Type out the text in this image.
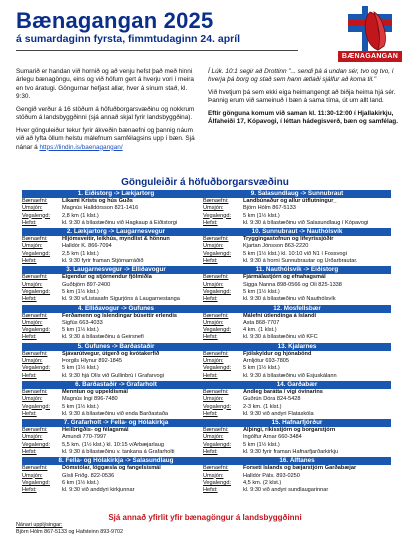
Bænagangan 2025
á sumardaginn fyrsta, fimmtudaginn 24. apríl
BÆNAGANGAN

Sumarið er handan við hornið og að venju hefst það með hinni árlegu bænagöngu, eins og við höfum gert á hverju vori í meira en tvo áratugi. Göngurnar hefjast allar, hver á sínum stað, kl. 9:30.

Gengið verður á 16 stöðum á höfuðborgarsvæðinu og nokkrum stöðum á landsbyggðinni (sjá annað skjal fyrir landsbyggðina).

Hver gönguleiður tekur fyrir ákveðin bænaefni og þannig náum við að lyfta öllum helstu málefnum samfélagsins upp í bæn. Sjá nánar á https://lindin.is/baenagangan/

Í Lúk. 10:1 segir að Drottinn "... sendi þá á undan sér, tvo og tvo, í hverja þá borg og stað sem hann ætlaði sjálfur að koma til."

Við hvetjum þá sem ekki eiga heimangengt að biðja heima hjá sér. Þannig erum við sameinuð í bæn á sama tíma, út um allt land.

Eftir gönguna komum við saman kl. 11:30-12:00 í Hjallakirkju, Álfaheiði 17, Kópavogi, í léttan hádegisverð, bæn og samfélag.

Gönguleiðir á höfuðborgarsvæðinu
1. Eiðistorg -> Lækjartorg
Bænaefni:	Líkami Krists og hús Guðs
Umsjón:	Magnús Halldórsson 821-1416
Vegalengd:	2,8 km (1 klst.)
Hefst:	kl. 9:30 á bílastæðinu við Hagkaup á Eiðistorgi
2. Lækjartorg -> Laugarnesvegur
Bænaefni:	Hljómsveitir, leikhús, myndlist & hönnun
Umsjón:	Halldór K. 866-7094
Vegalengd:	2,5 km (1 klst.)
Hefst:	kl. 9:30 fyrir framan Stjórnarráðið
3. Laugarnesvegur -> Elliðavogur
Bænaefni:	Eigendur og stjórnendur fjölmiðla
Umsjón:	Guðbjörn 897-2400
Vegalengd:	5 km (1½ klst.)
Hefst:	kl. 9:30 v/Listasafn Sigurjóns á Laugarnestanga
4. Elliðavogur -> Gufunes
Bænaefni:	Ferðamenn og Íslendingar búsettir erlendis
Umsjón:	Sigfús 663-4033
Vegalengd:	5 km (1½ klst.)
Hefst:	kl. 9:30 á bílastæðinu á Geirsnefi
5. Gufunes -> Barðastaðir
Bænaefni:	Sjávarútvegur, útgerð og kvótakerfið
Umsjón:	Þorgils Hlynur 892-1845
Vegalengd:	5 km (1½ klst.)
Hefst:	kl. 9:30 hjá Ólís við Gullinbrú í Grafarvogi
6. Barðastaðir -> Grafarholt
Bænaefni:	Menntun og uppeldismál
Umsjón:	Magnús Ingi 896-7480
Vegalengd:	5 km (1½ klst.)
Hefst:	kl. 9:30 á bílastæðinu við enda Barðastaða
7. Grafarholt -> Fella- og Hólakirkja
Bænaefni:	Heilbrigðis- og félagsmál
Umsjón:	Ámundi 770-7997
Vegalengd:	5,5 km. (1½ klst.) kl. 10:15 v/Árbæjarlaug
Hefst:	kl. 9:30 á bílastæðinu v. tankana á Grafarholti
8. Fella- og Hólakirkja -> Salasundlaug
Bænaefni:	Dómstólar, löggæsla og fangelsismál
Umsjón:	Gísli Friðg. 822-0536
Vegalengd:	6 km (1½ klst.)
Hefst:	kl. 9:30 við anddyri kirkjunnar
9. Salasundlaug -> Sunnubraut
Bænaefni:	Landbúnaður og allur útflutningur_
Umsjón:	Björn Hólm 867-5133
Vegalengd:	5 km (1½ klst.)
Hefst:	kl. 9:30 á bílastæðinu við Salasundlaug í Kópavogi
10. Sunnubraut -> Nauthólsvík
Bænaefni:	Tryggingastofnun og lífeyrissjóðir
Umsjón:	Kjartan Jónsson 863-2220
Vegalengd:	5 km (1½ klst.) kl. 10:10 við N1 í Fossvogi
Hefst:	kl. 9:30 á horni Sunnubrautar og Urðarbrautar.
11. Nauthólsvík -> Eiðistorg
Bænaefni:	Fjármálastjórn og efnahagsmál
Umsjón:	Sigga Nanna 898-0566 og Óli 825-1338
Vegalengd:	5 km (1½ klst.)
Hefst:	kl. 9:30 á bílastæðinu við Nauthólsvík
12. Mosfellsbær
Bænaefni:	Málefni útlendinga á Íslandi
Umsjón:	Ásta 868-7707
Vegalengd:	4 km. (1 klst.)
Hefst:	kl. 9:30 á bílastæðinu við KFC
13. Kjalarnes
Bænaefni:	Fjölskyldur og hjónabönd
Umsjón:	Arnljótur 693-7805
Vegalengd:	5 km (1½ klst.)
Hefst:	kl. 9:30 á bílastæðinu við Esjuskálann
14. Garðabær
Bænaefni:	Andleg barátta / vígi óvinarins
Umsjón:	Guðrún Dóra 824-5428
Vegalengd:	2-3 km. (1 klst.)
Hefst:	kl. 9:30 við andyri Flataskóla
15. Hafnarfjörður
Bænaefni:	Alþingi, ríkisstjórn og borgarstjórn
Umsjón:	Ingólfur Arnar 660-3484
Vegalengd:	5 km (1½ klst.)
Hefst:	kl. 9:30 fyrir framan Hafnarfjarðarkirkju
16. Álftanes
Bænaefni:	Forseti Íslands og bæjarstjórn Garðabæjar
Umsjón:	Halldór Páls. 893-0250
Vegalengd:	4,5 km. (2 klst.)
Hefst:	kl. 9:30 við andyri sundlaugarinnar
Sjá annað yfirlit yfir bænagöngur á landsbyggðinni
Nánari upplýsingar:
Björn Hólm 867-5133 og Hafsteinn 893-9702
